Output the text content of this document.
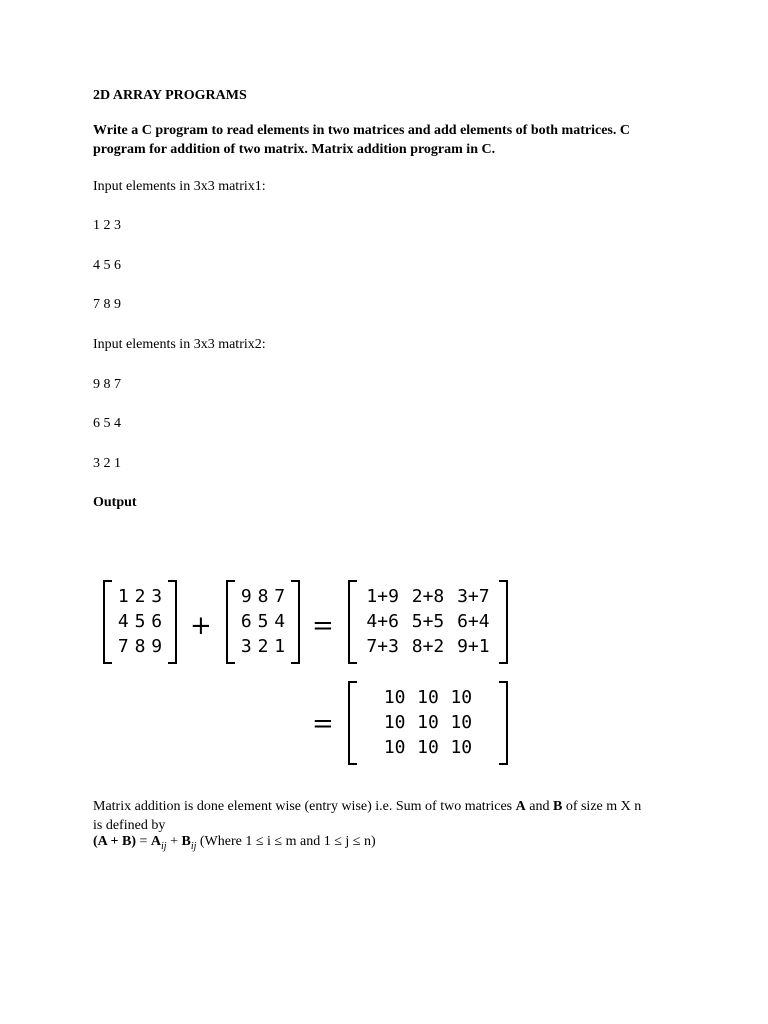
2D ARRAY PROGRAMS
Write a C program to read elements in two matrices and add elements of both matrices. C
program for addition of two matrix. Matrix addition program in C.
Input elements in 3x3 matrix1:
1 2 3
4 5 6
7 8 9
Input elements in 3x3 matrix2:
9 8 7
6 5 4
3 2 1
Output
Matrix addition is done element wise (entry wise) i.e. Sum of two matrices A and B of size m X n is defined by
$(A + B) = A_{ij} + B_{ij}$ (Where 1 ≤ i ≤ m and 1 ≤ j ≤ n)
1 2 3
4 5 6
7 8 9
+
9 8 7
6 5 4
3 2 1
=
1+9 2+8 3+7
4+6 5+5 6+4
7+3 8+2 9+1
=
10 10 10
10 10 10
10 10 10
